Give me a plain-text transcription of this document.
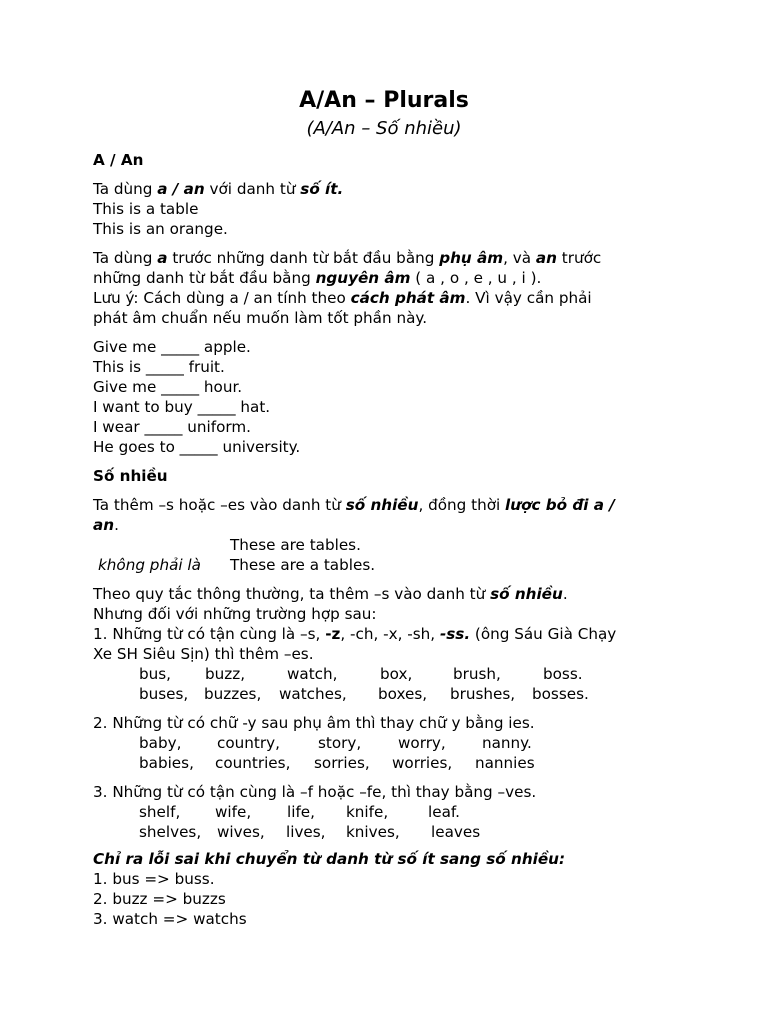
A/An – Plurals
(A/An – Số nhiều)
A / An
Ta dùng a / an với danh từ số ít.
This is a table
This is an orange.
Ta dùng a trước những danh từ bắt đầu bằng phụ âm, và an trước
những danh từ bắt đầu bằng nguyên âm ( a , o , e , u , i ).
Lưu ý: Cách dùng a / an tính theo cách phát âm. Vì vậy cần phải
phát âm chuẩn nếu muốn làm tốt phần này.
Give me _____ apple.
This is _____ fruit.
Give me _____ hour.
I want to buy _____ hat.
I wear _____ uniform.
He goes to _____ university.
Số nhiều
Ta thêm –s hoặc –es vào danh từ số nhiều, đồng thời lược bỏ đi a /
an.
These are tables.
không phải là These are a tables.
Theo quy tắc thông thường, ta thêm –s vào danh từ số nhiều.
Nhưng đối với những trường hợp sau:
1. Những từ có tận cùng là –s, -z, -ch, -x, -sh, -ss. (ông Sáu Già Chạy
Xe SH Siêu Sịn) thì thêm –es.
bus, buzz,	watch,	box,	brush,	boss.
buses, buzzes, watches, boxes, brushes, bosses.
2. Những từ có chữ -y sau phụ âm thì thay chữ y bằng ies.
baby, country,	story, worry, nanny.
babies, countries, sorries, worries, nannies
3. Những từ có tận cùng là –f hoặc –fe, thì thay bằng –ves.
shelf, wife, life, knife,	leaf.
shelves, wives, lives, knives, leaves
Chỉ ra lỗi sai khi chuyển từ danh từ số ít sang số nhiều:
1. bus => buss.
2. buzz => buzzs
3. watch => watchs
